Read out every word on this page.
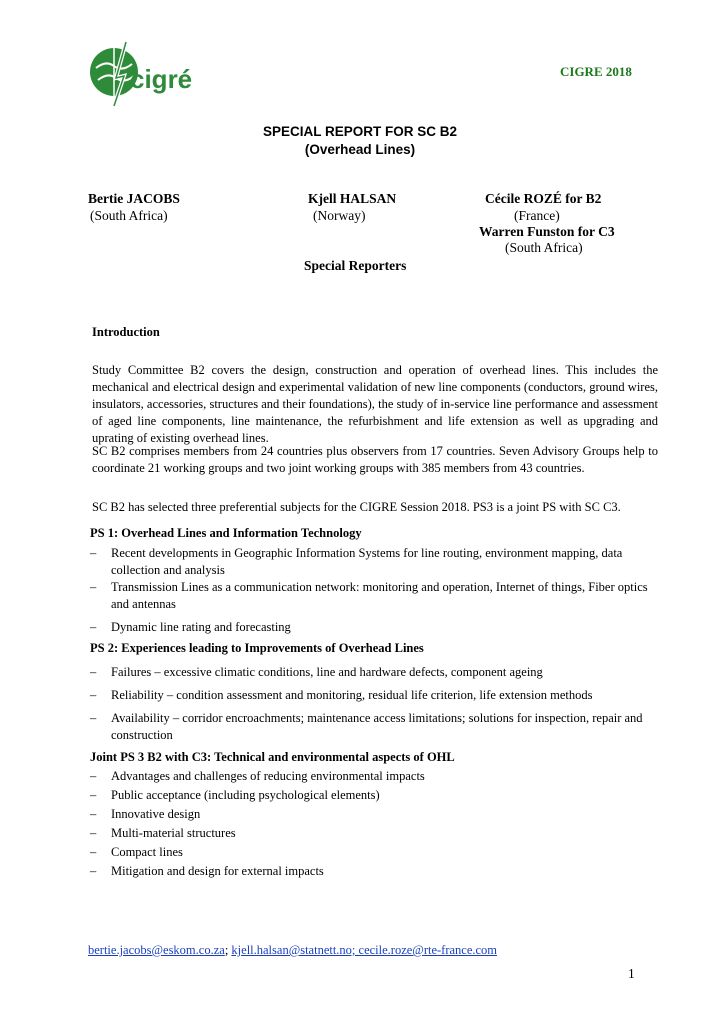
cigré	CIGRE 2018
SPECIAL REPORT FOR SC B2
(Overhead Lines)
Bertie JACOBS
(South Africa)
Kjell HALSAN
(Norway)
Cécile ROZÉ for B2
(France)
Warren Funston for C3
(South Africa)
Special Reporters
Introduction
Study Committee B2 covers the design, construction and operation of overhead lines. This includes the mechanical and electrical design and experimental validation of new line components (conductors, ground wires, insulators, accessories, structures and their foundations), the study of in-service line performance and assessment of aged line components, line maintenance, the refurbishment and life extension as well as upgrading and uprating of existing overhead lines.
SC B2 comprises members from 24 countries plus observers from 17 countries. Seven Advisory Groups help to coordinate 21 working groups and two joint working groups with 385 members from 43 countries.
SC B2 has selected three preferential subjects for the CIGRE Session 2018. PS3 is a joint PS with SC C3.
PS 1: Overhead Lines and Information Technology
– Recent developments in Geographic Information Systems for line routing, environment mapping, data collection and analysis
– Transmission Lines as a communication network: monitoring and operation, Internet of things, Fiber optics and antennas
– Dynamic line rating and forecasting
PS 2: Experiences leading to Improvements of Overhead Lines
– Failures – excessive climatic conditions, line and hardware defects, component ageing
– Reliability – condition assessment and monitoring, residual life criterion, life extension methods
– Availability – corridor encroachments; maintenance access limitations; solutions for inspection, repair and construction
Joint PS 3 B2 with C3: Technical and environmental aspects of OHL
– Advantages and challenges of reducing environmental impacts
– Public acceptance (including psychological elements)
– Innovative design
– Multi-material structures
– Compact lines
– Mitigation and design for external impacts
bertie.jacobs@eskom.co.za; kjell.halsan@statnett.no; cecile.roze@rte-france.com
1
